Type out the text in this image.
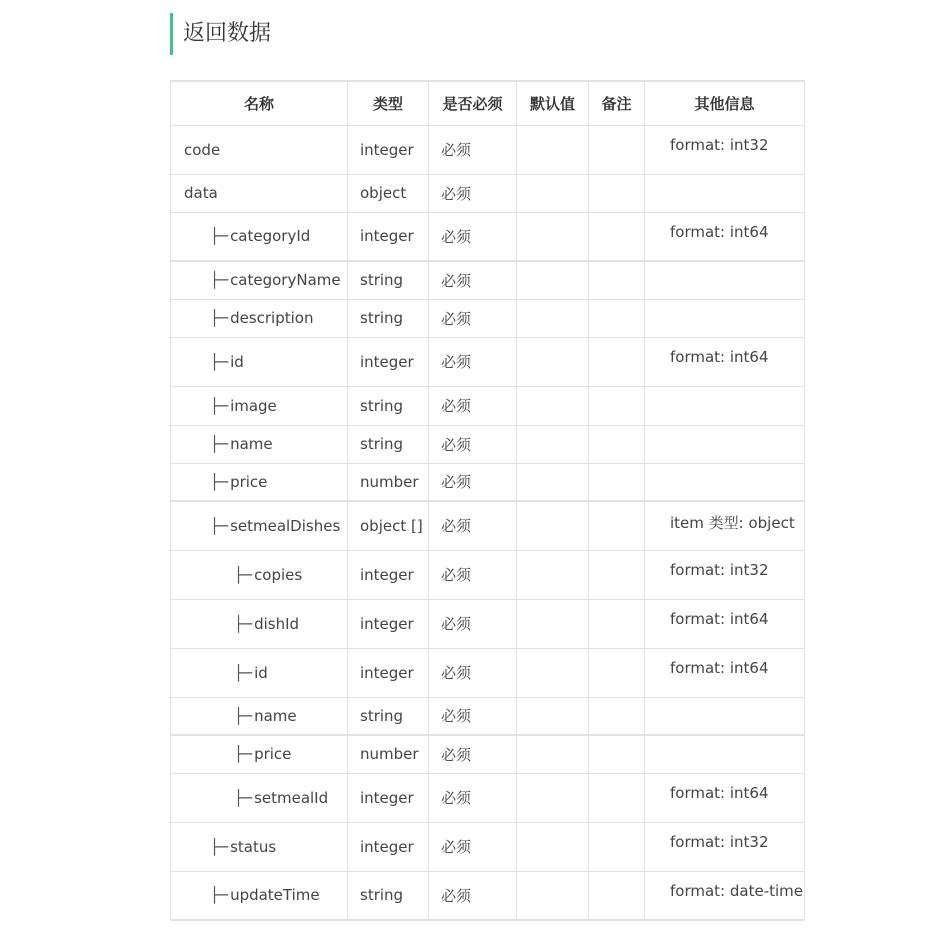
返回数据
名称	类型	是否必须	默认值	备注	其他信息
code	integer	必须			format: int32
data	object	必须			
├─ categoryId	integer	必须			format: int64
├─ categoryName	string	必须			
├─ description	string	必须			
├─ id	integer	必须			format: int64
├─ image	string	必须			
├─ name	string	必须			
├─ price	number	必须			
├─ setmealDishes	object []	必须			item 类型: object
├─ copies	integer	必须			format: int32
├─ dishId	integer	必须			format: int64
├─ id	integer	必须			format: int64
├─ name	string	必须			
├─ price	number	必须			
├─ setmealId	integer	必须			format: int64
├─ status	integer	必须			format: int32
├─ updateTime	string	必须			format: date-time
